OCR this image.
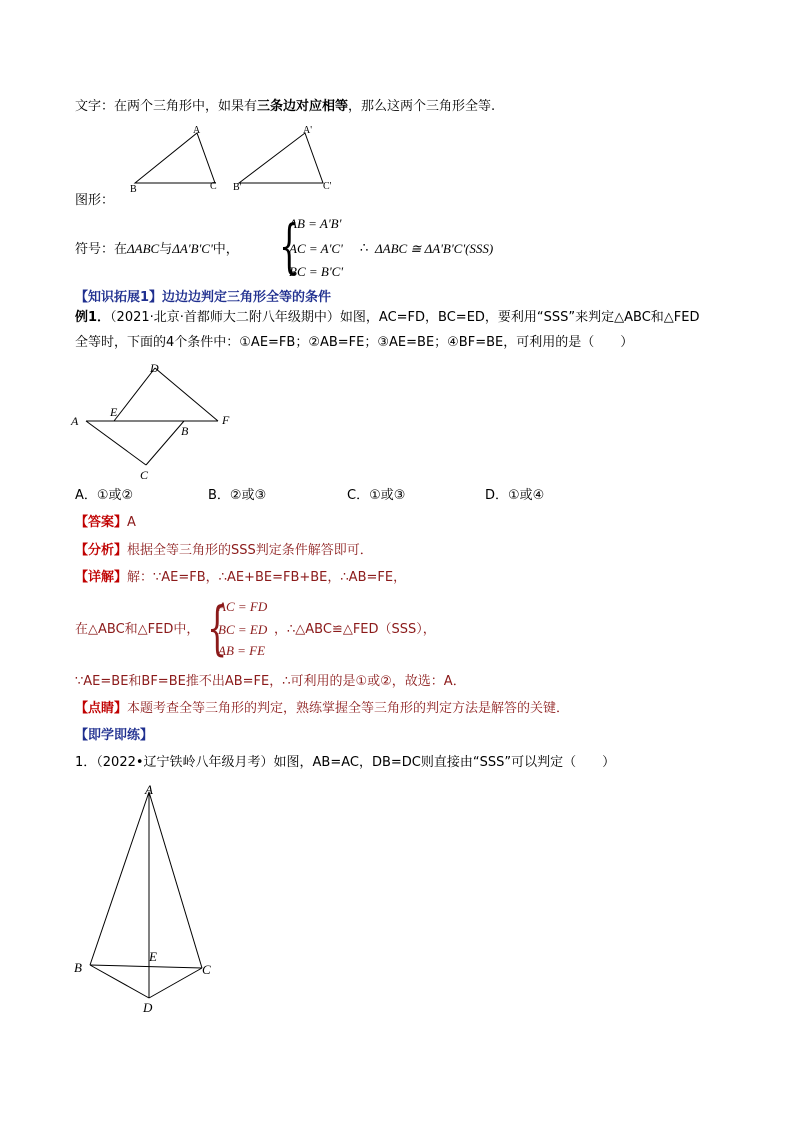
文字：在两个三角形中，如果有三条边对应相等，那么这两个三角形全等.
A
B	C
A'
B'	C'
图形：
符号：在ΔABC与ΔA'B'C'中， {
AB = A'B'
AC = A'C' ∴ ΔABC ≅ ΔA'B'C'(SSS)
BC = B'C'
【知识拓展1】边边边判定三角形全等的条件
例1．（2021·北京·首都师大二附八年级期中）如图，AC=FD，BC=ED，要利用“SSS”来判定△ABC和△FED
全等时，下面的4个条件中：①AE=FB；②AB=FE；③AE=BE；④BF=BE，可利用的是（　　）
D
E
A	F
B
C
A．①或②	B．②或③	C．①或③	D．①或④
【答案】A
【分析】根据全等三角形的SSS判定条件解答即可．
【详解】解：∵AE=FB，∴AE+BE=FB+BE，∴AB=FE，
在△ABC和△FED中， {
AC = FD
BC = ED ，∴△ABC≌△FED（SSS），
AB = FE
∵AE=BE和BF=BE推不出AB=FE，∴可利用的是①或②，故选：A．
【点睛】本题考查全等三角形的判定，熟练掌握全等三角形的判定方法是解答的关键．
【即学即练】
1．（2022•辽宁铁岭八年级月考）如图，AB=AC，DB=DC则直接由“SSS”可以判定（　　）
A
B
E
C
D
